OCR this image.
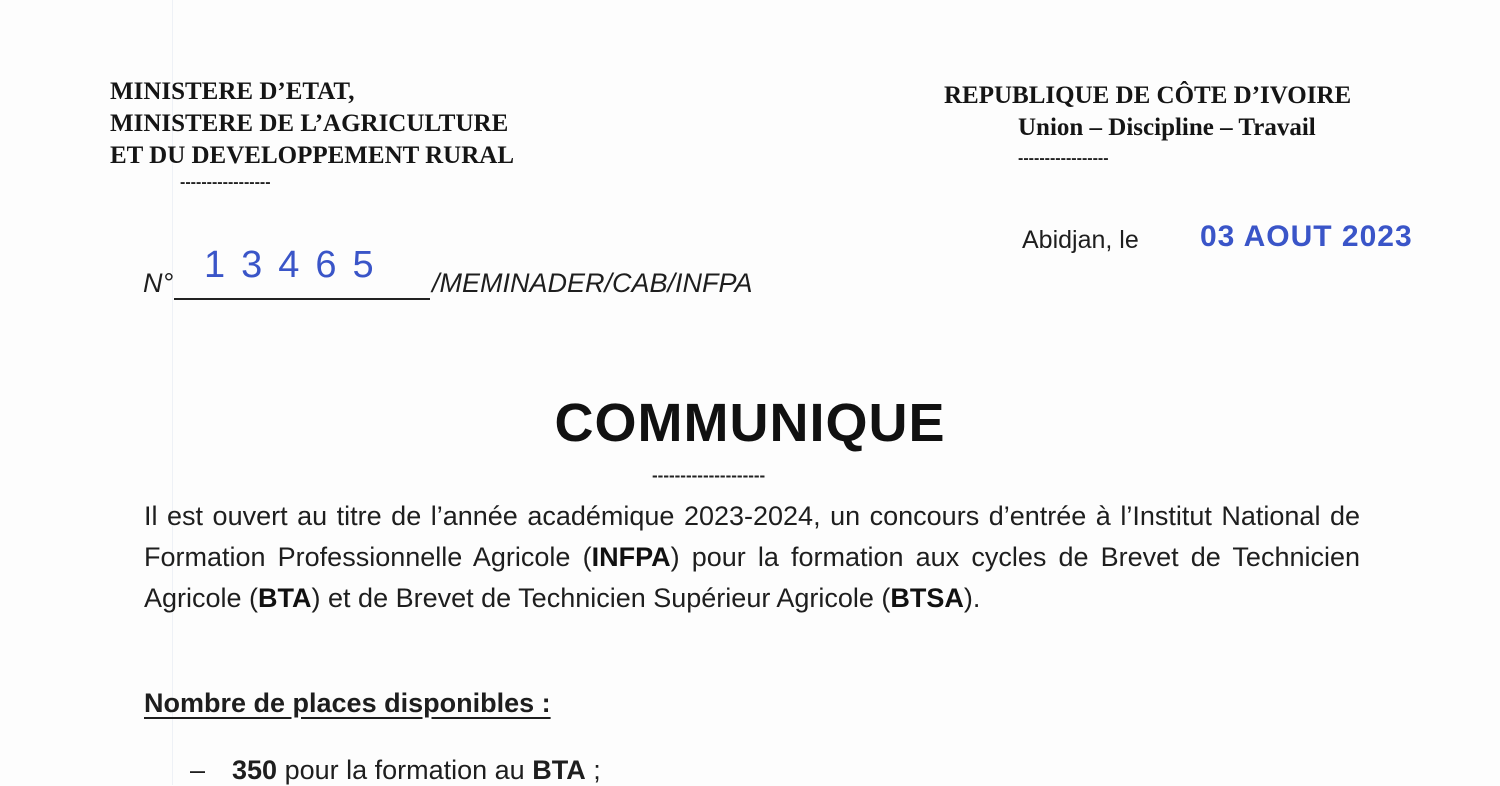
MINISTERE D’ETAT,
MINISTERE DE L’AGRICULTURE
ET DU DEVELOPPEMENT RURAL
-----------------
REPUBLIQUE DE CÔTE D’IVOIRE
Union – Discipline – Travail
-----------------
Abidjan, le 03 AOUT 2023
N° 13465 /MEMINADER/CAB/INFPA
COMMUNIQUE
--------------------
Il est ouvert au titre de l’année académique 2023-2024, un concours d’entrée à l’Institut National de Formation Professionnelle Agricole (INFPA) pour la formation aux cycles de Brevet de Technicien Agricole (BTA) et de Brevet de Technicien Supérieur Agricole (BTSA).
Nombre de places disponibles :
– 350 pour la formation au BTA ;
